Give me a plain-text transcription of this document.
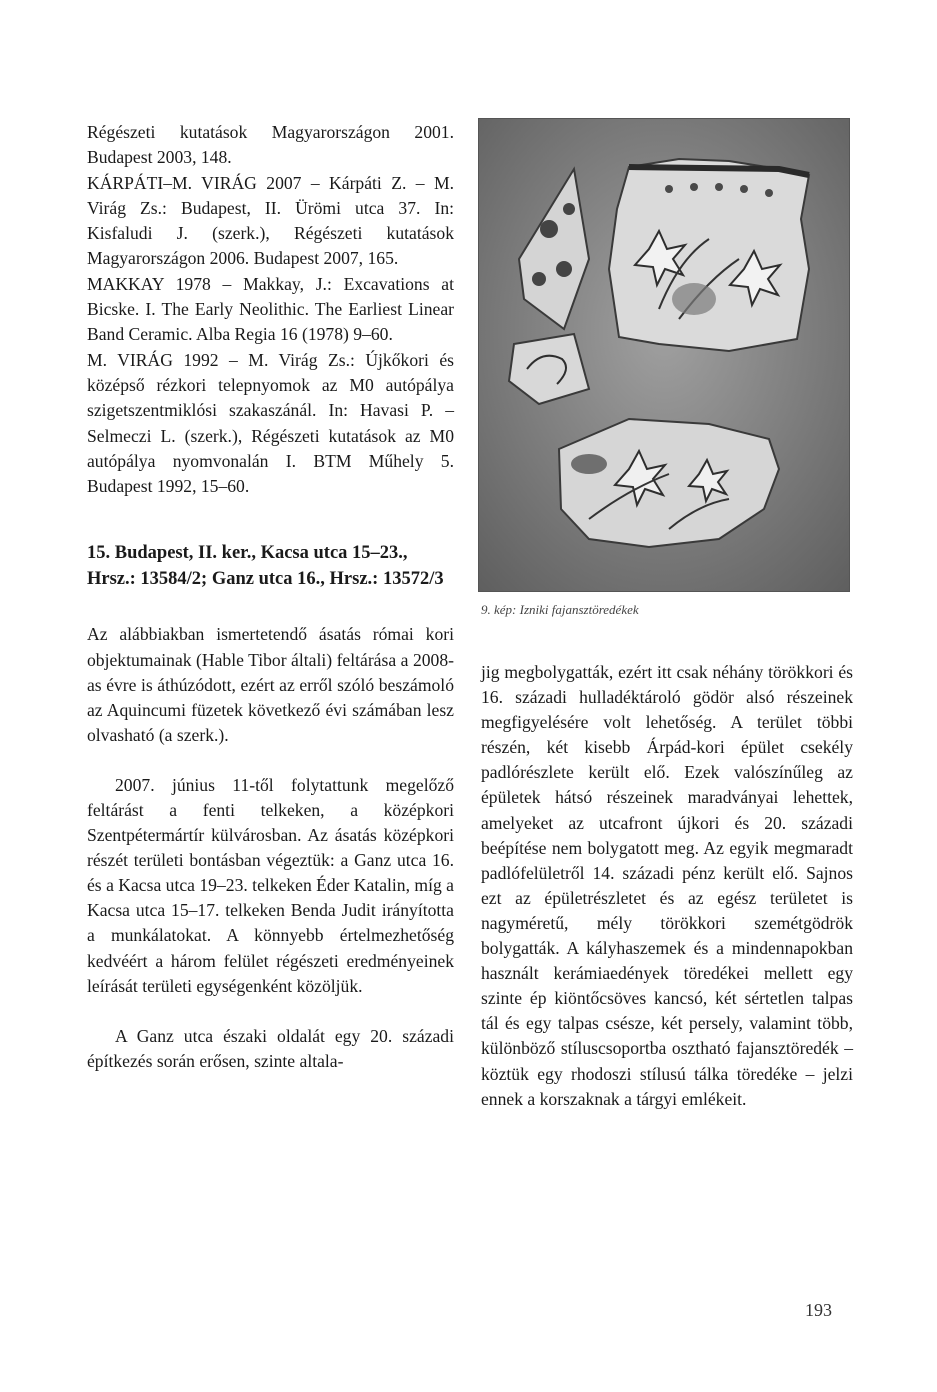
Régészeti kutatások Magyarországon 2001. Budapest 2003, 148.

KÁRPÁTI–M. VIRÁG 2007 – Kárpáti Z. – M. Virág Zs.: Budapest, II. Ürömi utca 37. In: Kisfaludi J. (szerk.), Régészeti kutatások Magyarországon 2006. Budapest 2007, 165.

MAKKAY 1978 – Makkay, J.: Excavations at Bicske. I. The Early Neolithic. The Earliest Linear Band Ceramic. Alba Regia 16 (1978) 9–60.

M. VIRÁG 1992 – M. Virág Zs.: Újkőkori és középső rézkori telepnyomok az M0 autópálya szigetszentmiklósi szakaszánál. In: Havasi P. – Selmeczi L. (szerk.), Régészeti kutatások az M0 autópálya nyomvonalán I. BTM Műhely 5. Budapest 1992, 15–60.

15. Budapest, II. ker., Kacsa utca 15–23., Hrsz.: 13584/2; Ganz utca 16., Hrsz.: 13572/3

Az alábbiakban ismertetendő ásatás római kori objektumainak (Hable Tibor általi) feltárása a 2008-as évre is áthúzódott, ezért az erről szóló beszámoló az Aquincumi füzetek következő évi számában lesz olvasható (a szerk.).

2007. június 11-től folytattunk megelőző feltárást a fenti telkeken, a középkori Szentpétermártír külvárosban. Az ásatás középkori részét területi bontásban végeztük: a Ganz utca 16. és a Kacsa utca 19–23. telkeken Éder Katalin, míg a Kacsa utca 15–17. telkeken Benda Judit irányította a munkálatokat. A könnyebb értelmezhetőség kedvéért a három felület régészeti eredményeinek leírását területi egységenként közöljük.

A Ganz utca északi oldalát egy 20. századi építkezés során erősen, szinte altala-

9. kép: Izniki fajansztöredékek

jig megbolygatták, ezért itt csak néhány törökkori és 16. századi hulladéktároló gödör alsó részeinek megfigyelésére volt lehetőség. A terület többi részén, két kisebb Árpád-kori épület csekély padlórészlete került elő. Ezek valószínűleg az épületek hátsó részeinek maradványai lehettek, amelyeket az utcafront újkori és 20. századi beépítése nem bolygatott meg. Az egyik megmaradt padlófelületről 14. századi pénz került elő. Sajnos ezt az épületrészletet és az egész területet is nagyméretű, mély törökkori szemétgödrök bolygatták. A kályhaszemek és a mindennapokban használt kerámiaedények töredékei mellett egy szinte ép kiöntőcsöves kancsó, két sértetlen talpas tál és egy talpas csésze, két persely, valamint több, különböző stíluscsoportba osztható fajansztöredék – köztük egy rhodoszi stílusú tálka töredéke – jelzi ennek a korszaknak a tárgyi emlékeit.

193
